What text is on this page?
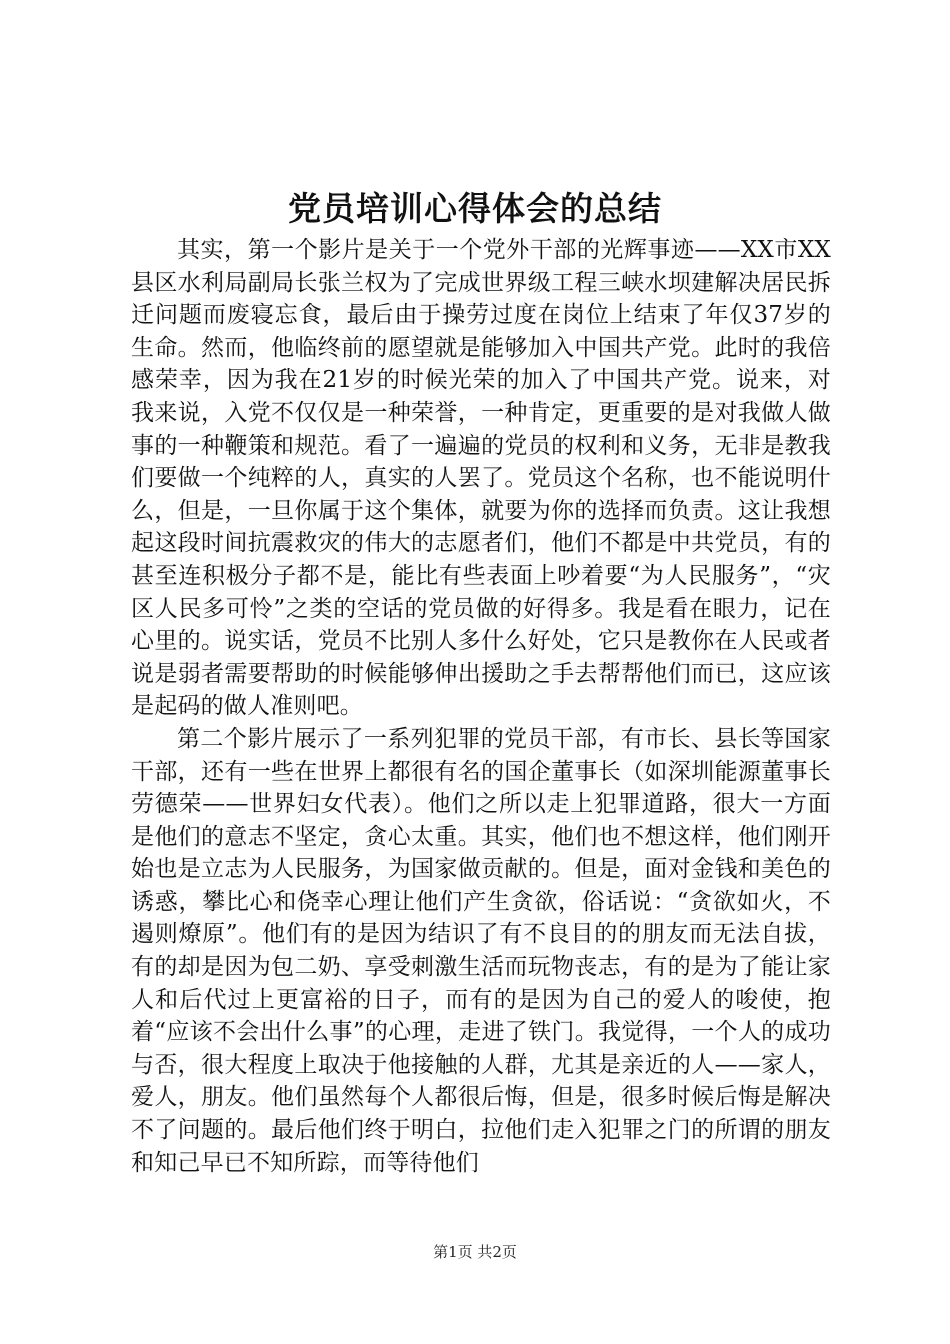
党员培训心得体会的总结

其实，第一个影片是关于一个党外干部的光辉事迹——XX市XX县区水利局副局长张兰权为了完成世界级工程三峡水坝建解决居民拆迁问题而废寝忘食，最后由于操劳过度在岗位上结束了年仅37岁的生命。然而，他临终前的愿望就是能够加入中国共产党。此时的我倍感荣幸，因为我在21岁的时候光荣的加入了中国共产党。说来，对我来说，入党不仅仅是一种荣誉，一种肯定，更重要的是对我做人做事的一种鞭策和规范。看了一遍遍的党员的权利和义务，无非是教我们要做一个纯粹的人，真实的人罢了。党员这个名称，也不能说明什么，但是，一旦你属于这个集体，就要为你的选择而负责。这让我想起这段时间抗震救灾的伟大的志愿者们，他们不都是中共党员，有的甚至连积极分子都不是，能比有些表面上吵着要“为人民服务”，“灾区人民多可怜”之类的空话的党员做的好得多。我是看在眼力，记在心里的。说实话，党员不比别人多什么好处，它只是教你在人民或者说是弱者需要帮助的时候能够伸出援助之手去帮帮他们而已，这应该是起码的做人准则吧。

第二个影片展示了一系列犯罪的党员干部，有市长、县长等国家干部，还有一些在世界上都很有名的国企董事长（如深圳能源董事长劳德荣——世界妇女代表）。他们之所以走上犯罪道路，很大一方面是他们的意志不坚定，贪心太重。其实，他们也不想这样，他们刚开始也是立志为人民服务，为国家做贡献的。但是，面对金钱和美色的诱惑，攀比心和侥幸心理让他们产生贪欲，俗话说：“贪欲如火，不遏则燎原”。他们有的是因为结识了有不良目的的朋友而无法自拔，有的却是因为包二奶、享受刺激生活而玩物丧志，有的是为了能让家人和后代过上更富裕的日子，而有的是因为自己的爱人的唆使，抱着“应该不会出什么事”的心理，走进了铁门。我觉得，一个人的成功与否，很大程度上取决于他接触的人群，尤其是亲近的人——家人，爱人，朋友。他们虽然每个人都很后悔，但是，很多时候后悔是解决不了问题的。最后他们终于明白，拉他们走入犯罪之门的所谓的朋友和知己早已不知所踪，而等待他们

第1页 共2页
